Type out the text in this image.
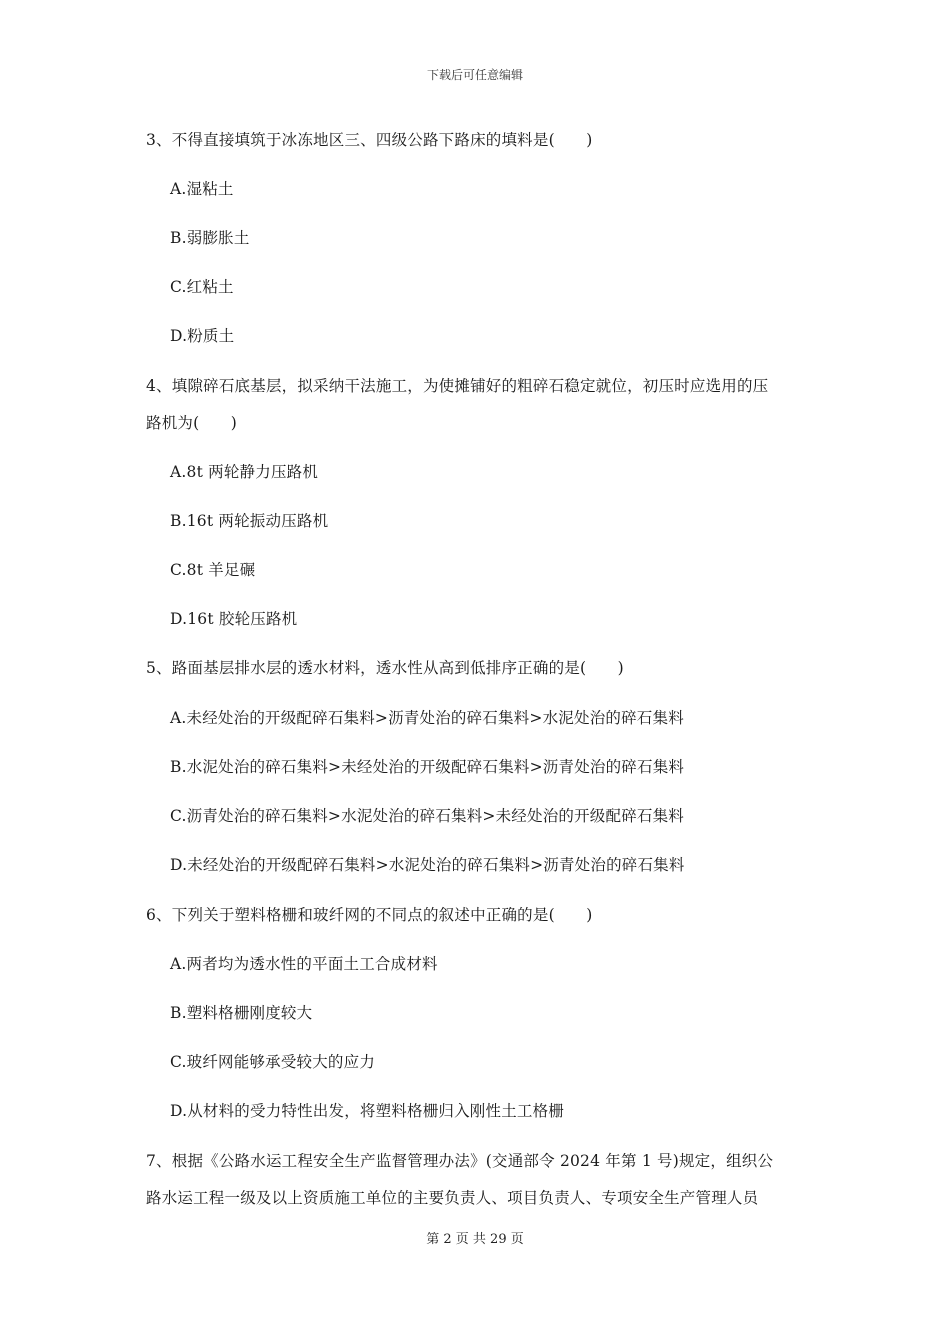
下载后可任意编辑
3、不得直接填筑于冰冻地区三、四级公路下路床的填料是(　　)
A.湿粘土
B.弱膨胀土
C.红粘土
D.粉质土
4、填隙碎石底基层，拟采纳干法施工，为使摊铺好的粗碎石稳定就位，初压时应选用的压
路机为(　　)
A.8t 两轮静力压路机
B.16t 两轮振动压路机
C.8t 羊足碾
D.16t 胶轮压路机
5、路面基层排水层的透水材料，透水性从高到低排序正确的是(　　)
A.未经处治的开级配碎石集料>沥青处治的碎石集料>水泥处治的碎石集料
B.水泥处治的碎石集料>未经处治的开级配碎石集料>沥青处治的碎石集料
C.沥青处治的碎石集料>水泥处治的碎石集料>未经处治的开级配碎石集料
D.未经处治的开级配碎石集料>水泥处治的碎石集料>沥青处治的碎石集料
6、下列关于塑料格栅和玻纤网的不同点的叙述中正确的是(　　)
A.两者均为透水性的平面土工合成材料
B.塑料格栅刚度较大
C.玻纤网能够承受较大的应力
D.从材料的受力特性出发，将塑料格栅归入刚性土工格栅
7、根据《公路水运工程安全生产监督管理办法》(交通部令 2024 年第 1 号)规定，组织公
路水运工程一级及以上资质施工单位的主要负责人、项目负责人、专项安全生产管理人员
第 2 页 共 29 页
